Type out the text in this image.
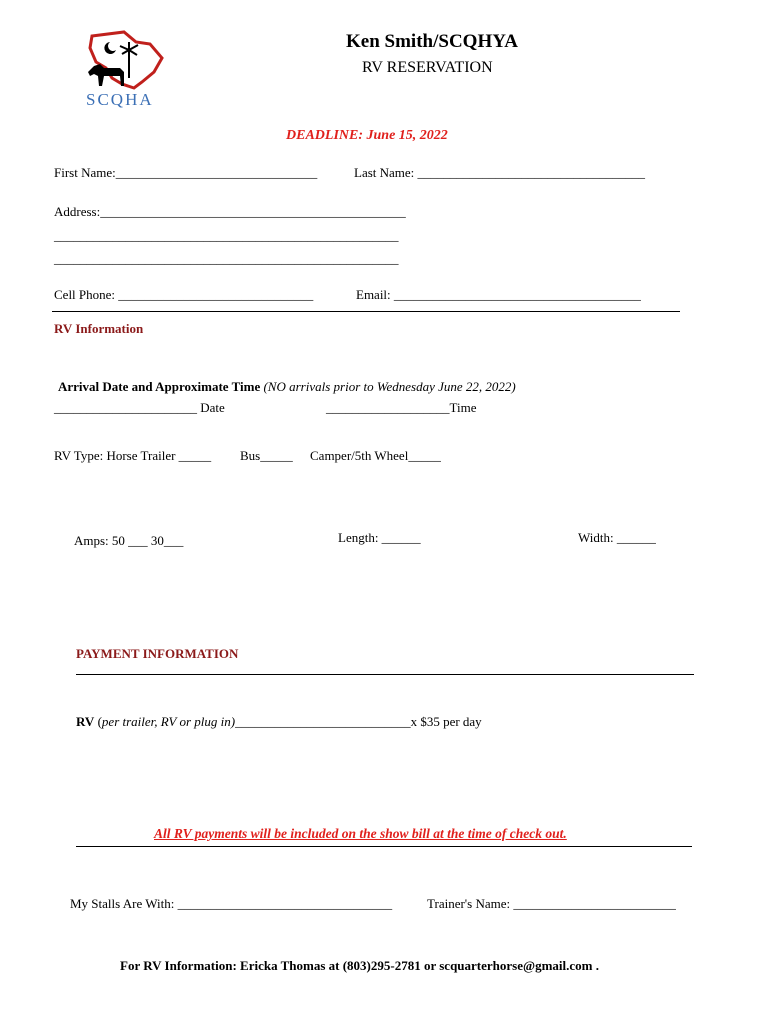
SCQHA
Ken Smith/SCQHYA
RV RESERVATION
DEADLINE: June 15, 2022
First Name:_______________________________	Last Name: ___________________________________
Address:_______________________________________________
_____________________________________________________
_____________________________________________________
Cell Phone: ______________________________	Email: ______________________________________
RV Information
Arrival Date and Approximate Time (NO arrivals prior to Wednesday June 22, 2022)
______________________ Date	___________________Time
RV Type: Horse Trailer _____ Bus_____ Camper/5th Wheel_____
Amps: 50 ___ 30___	Length: ______	Width: ______
PAYMENT INFORMATION
RV (per trailer, RV or plug in)___________________________x $35 per day
All RV payments will be included on the show bill at the time of check out.
My Stalls Are With: _________________________________	Trainer's Name: _________________________
For RV Information: Ericka Thomas at (803)295-2781 or scquarterhorse@gmail.com .
